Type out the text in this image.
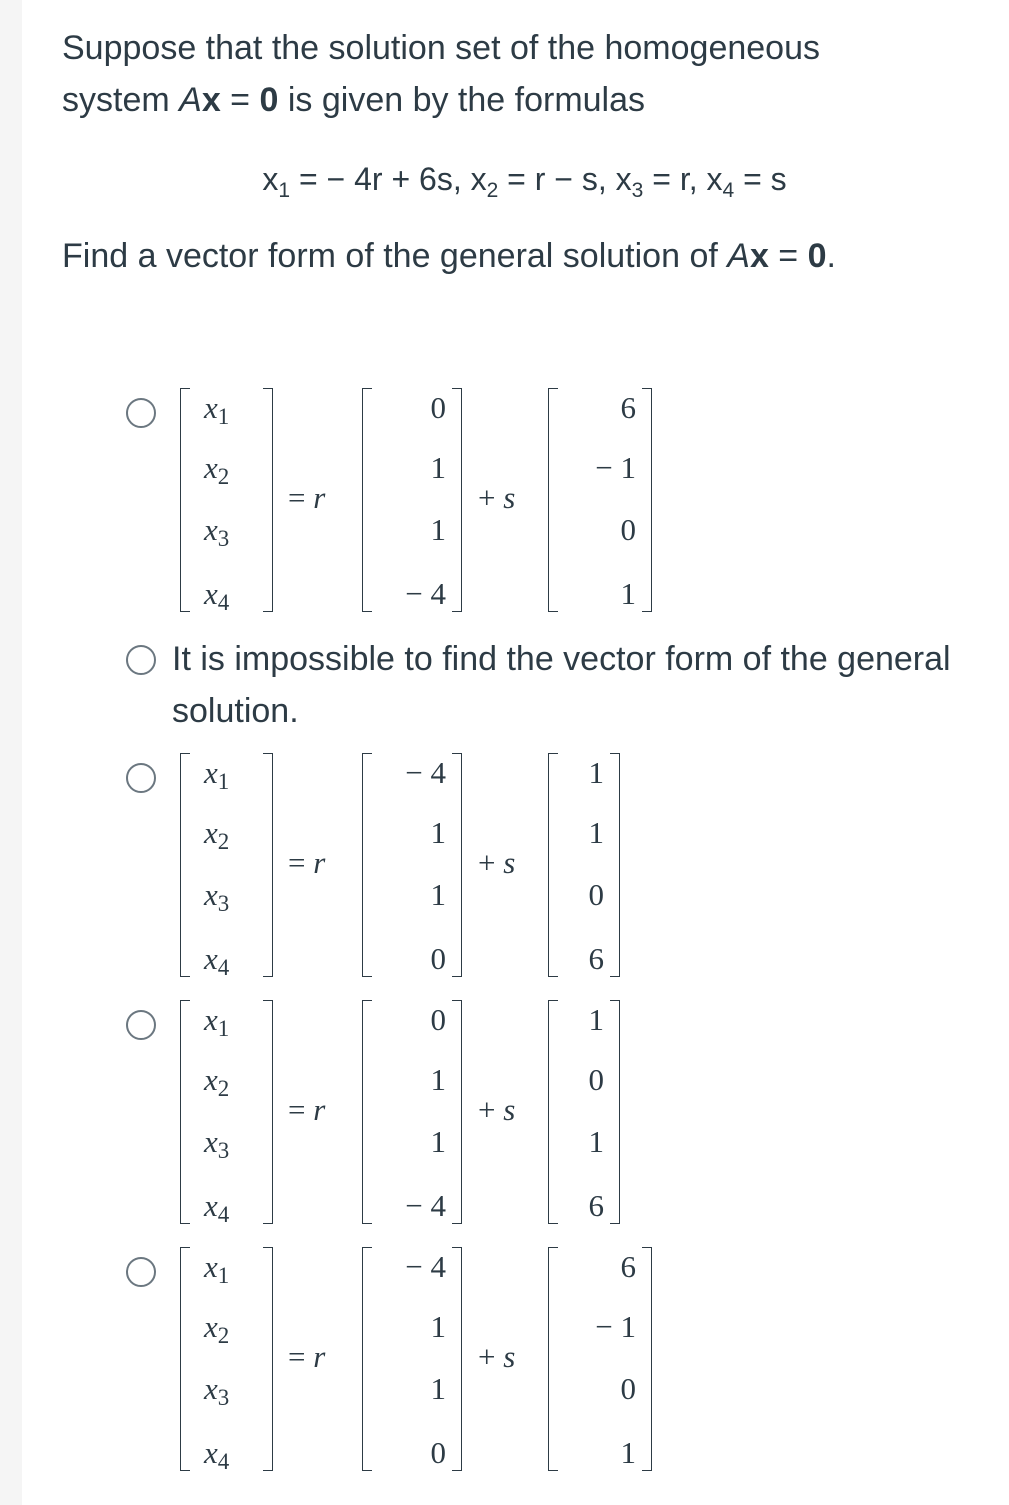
Suppose that the solution set of the homogeneous
system Ax = 0 is given by the formulas
$x_1$ = − 4r + 6s, $x_2 = r - s$, $x_3 = r$, $x_4 = s$
Find a vector form of the general solution of Ax = 0.
$x_1$
$x_2$
$x_3$
$x_4$
= r
0
1
1
− 4
+ s
6
− 1
0
1
It is impossible to find the vector form of the general solution.
$x_1$
$x_2$
$x_3$
$x_4$
= r
− 4
1
1
0
+ s
1
1
0
6
$x_1$
$x_2$
$x_3$
$x_4$
= r
0
1
1
− 4
+ s
1
0
1
6
$x_1$
$x_2$
$x_3$
$x_4$
= r
− 4
1
1
0
+ s
6
− 1
0
1
